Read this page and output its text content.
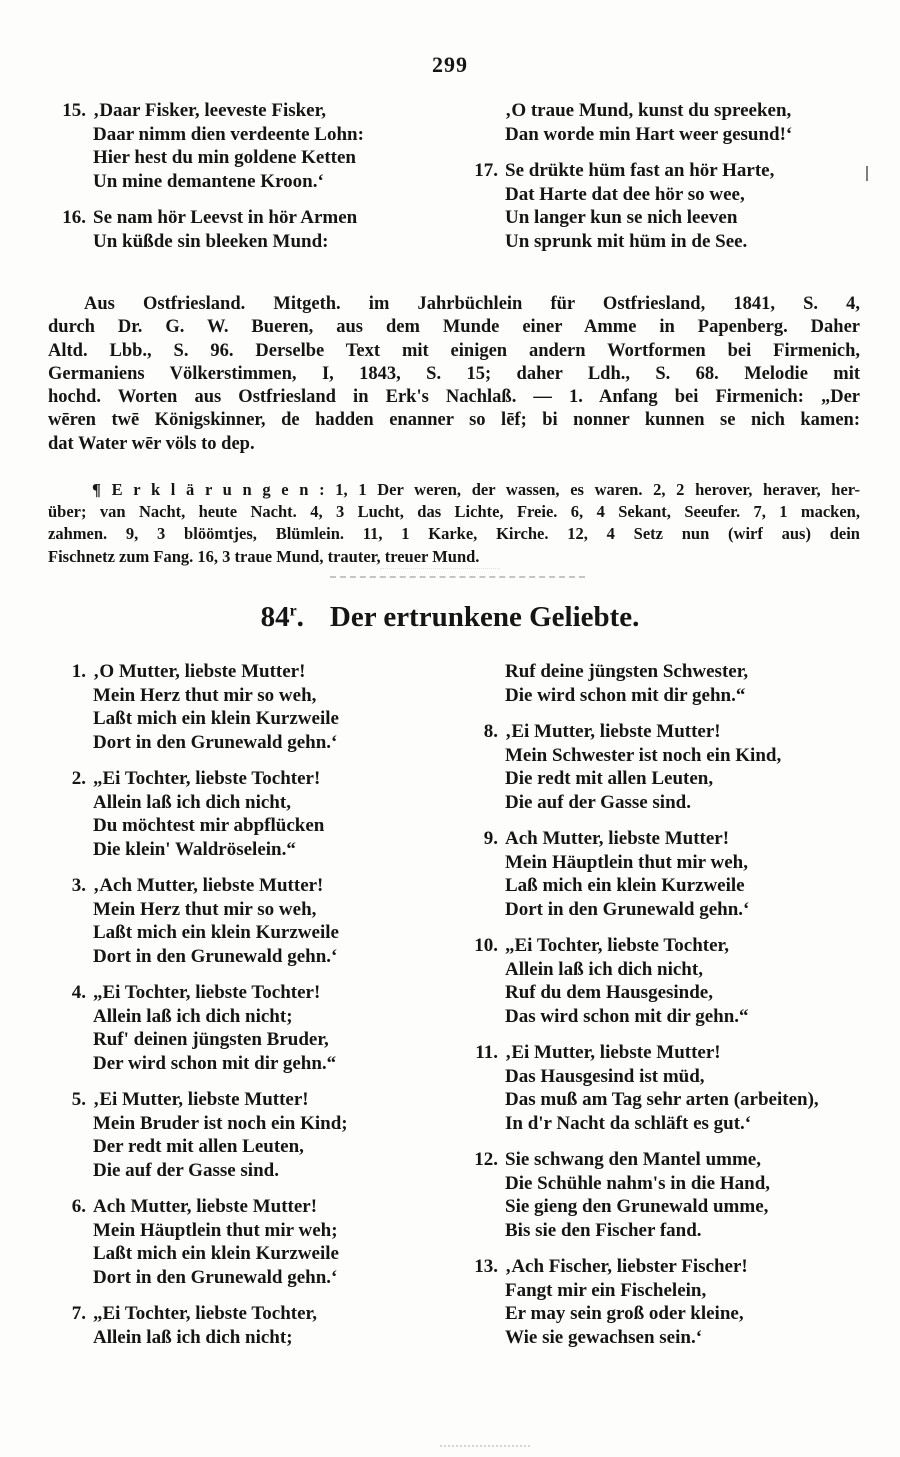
299
15. ‚Daar Fisker, leeveste Fisker,
Daar nimm dien verdeente Lohn:
Hier hest du min goldene Ketten
Un mine demantene Kroon.‘
16. Se nam hör Leevst in hör Armen
Un küßde sin bleeken Mund:
‚O traue Mund, kunst du spreeken,
Dan worde min Hart weer gesund!‘
17. Se drükte hüm fast an hör Harte,
Dat Harte dat dee hör so wee,
Un langer kun se nich leeven
Un sprunk mit hüm in de See.
Aus Ostfriesland. Mitgeth. im Jahrbüchlein für Ostfriesland, 1841, S. 4,
durch Dr. G. W. Bueren, aus dem Munde einer Amme in Papenberg. Daher
Altd. Lbb., S. 96. Derselbe Text mit einigen andern Wortformen bei Firmenich,
Germaniens Völkerstimmen, I, 1843, S. 15; daher Ldh., S. 68. Melodie mit
hochd. Worten aus Ostfriesland in Erk's Nachlaß. — 1. Anfang bei Firmenich: „Der
wēren twē Königskinner, de hadden enanner so lēf; bi nonner kunnen se nich kamen:
dat Water wēr völs to dep.
¶ E r k l ä r u n g e n : 1, 1 Der weren, der wassen, es waren. 2, 2 herover, heraver, her-
über; van Nacht, heute Nacht. 4, 3 Lucht, das Lichte, Freie. 6, 4 Sekant, Seeufer. 7, 1 macken,
zahmen. 9, 3 blöömtjes, Blümlein. 11, 1 Karke, Kirche. 12, 4 Setz nun (wirf aus) dein
Fischnetz zum Fang. 16, 3 traue Mund, trauter, treuer Mund.
84$^r$. Der ertrunkene Geliebte.
1. ‚O Mutter, liebste Mutter!
Mein Herz thut mir so weh,
Laßt mich ein klein Kurzweile
Dort in den Grunewald gehn.‘
2. „Ei Tochter, liebste Tochter!
Allein laß ich dich nicht,
Du möchtest mir abpflücken
Die klein' Waldröselein.“
3. ‚Ach Mutter, liebste Mutter!
Mein Herz thut mir so weh,
Laßt mich ein klein Kurzweile
Dort in den Grunewald gehn.‘
4. „Ei Tochter, liebste Tochter!
Allein laß ich dich nicht;
Ruf' deinen jüngsten Bruder,
Der wird schon mit dir gehn.“
5. ‚Ei Mutter, liebste Mutter!
Mein Bruder ist noch ein Kind;
Der redt mit allen Leuten,
Die auf der Gasse sind.
6. Ach Mutter, liebste Mutter!
Mein Häuptlein thut mir weh;
Laßt mich ein klein Kurzweile
Dort in den Grunewald gehn.‘
7. „Ei Tochter, liebste Tochter,
Allein laß ich dich nicht;
Ruf deine jüngsten Schwester,
Die wird schon mit dir gehn.“
8. ‚Ei Mutter, liebste Mutter!
Mein Schwester ist noch ein Kind,
Die redt mit allen Leuten,
Die auf der Gasse sind.
9. Ach Mutter, liebste Mutter!
Mein Häuptlein thut mir weh,
Laß mich ein klein Kurzweile
Dort in den Grunewald gehn.‘
10. „Ei Tochter, liebste Tochter,
Allein laß ich dich nicht,
Ruf du dem Hausgesinde,
Das wird schon mit dir gehn.“
11. ‚Ei Mutter, liebste Mutter!
Das Hausgesind ist müd,
Das muß am Tag sehr arten (arbeiten),
In d'r Nacht da schläft es gut.‘
12. Sie schwang den Mantel umme,
Die Schühle nahm's in die Hand,
Sie gieng den Grunewald umme,
Bis sie den Fischer fand.
13. ‚Ach Fischer, liebster Fischer!
Fangt mir ein Fischelein,
Er may sein groß oder kleine,
Wie sie gewachsen sein.‘
